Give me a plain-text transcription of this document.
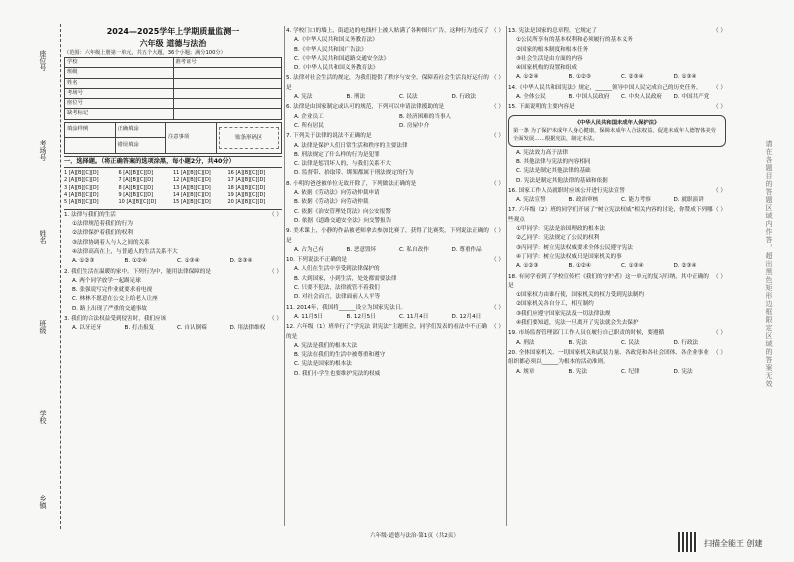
座位号
考场号
姓名
班级
学校
乡镇
2024—2025学年上学期质量监测一
六年级 道德与法治
（范围：六年级上册第一单元，共五个大题，36个小题；满分100分）
学校	准考证号
班级	
姓名	
考场号	
座位号	
缺考标记	
填涂样例	正确填涂	注意事项	贴条形码区

	错误填涂		
一、选择题。（将正确答案的选项涂黑，每小题2分，共40分）
1 [A][B][C][D]	6 [A][B][C][D]	11 [A][B][C][D]	16 [A][B][C][D]
2 [A][B][C][D]	7 [A][B][C][D]	12 [A][B][C][D]	17 [A][B][C][D]
3 [A][B][C][D]	8 [A][B][C][D]	13 [A][B][C][D]	18 [A][B][C][D]
4 [A][B][C][D]	9 [A][B][C][D]	14 [A][B][C][D]	19 [A][B][C][D]
5 [A][B][C][D]	10 [A][B][C][D]	15 [A][B][C][D]	20 [A][B][C][D]
（ ）
1. 法律与我们的生活
①法律规范着我们的行为
②法律保护着我们的权利
③法律协调着人与人之间的关系
④法律高高在上，与普通人的生活关系不大
A. ①②③	B. ①②④	C. ①③④	D. ②③④
（ ）
2. 我们生活在温暖的家中。下列行为中，能用法律保障的是
A. 两个同学放学一起踢足球
B. 张强说写完作业就要求看电视
C. 林林不愿意在公交上给老人让座
D. 路上出现了严重的交通事故
（ ）
3. 我们的合法权益受到侵害时，我们应该
A. 以牙还牙	B. 打击报复	C. 自认倒霉	D. 用法律维权
（ ）
4. 学校门口的墙上，街道边的电线杆上被人贴满了各种图片广告，这种行为违反了
A.《中华人民共和国义务教育法》
B.《中华人民共和国广告法》
C.《中华人民共和国道路交通安全法》
D.《中华人民共和国义务教育法》
（ ）
5. 法律对社会生活的规定，为我们提供了秩序与安全，保障着社会生活良好运行的是
A. 宪法	B. 刑法	C. 民法	D. 行政法
（ ）
6. 法律是由国家制定或认可的规范，下列可以申请法律援助的是
A. 企业员工	B. 经济困难的当事人
C. 所有居民	D. 房屋中介
（ ）
7. 下列关于法律的说法不正确的是
A. 法律是保护人们日常生活和秩序的主要法律
B. 刑法规定了什么样的行为是犯罪
C. 法律是惩罚坏人的，与我们关系不大
D. 监督带、拾取带、绑架都属于刑法规定的行为
（ ）
8. 小明的爸爸被单位无故开除了，下列做法正确的是
A. 依据《劳动法》向劳动仲裁申请
B. 依据《劳动法》向劳动仲裁
C. 依据《治安管理处罚法》向公安报警
D. 依据《道路交通安全法》向交警报告
（ ）
9. 美术课上，小静的作品被老师拿去参加比赛了，获得了比赛奖，下列说法正确的是
A. 占为己有	B. 恶意毁坏	C. 私自改作	D. 尊重作品
（ ）
10. 下列说法不正确的是
A. 人们在生活中享受到法律保护的
B. 大到国家，小到生活，处处都需要法律
C. 只要不犯法，法律就管不着我们
D. 对社会而言，法律面前人人平等
（ ）
11. 2014年，我国将______设立为国家宪法日。
A. 11月5日	B. 12月5日	C. 11月4日	D. 12月4日
（ ）
12. 六年级（1）班举行了“学宪法 讲宪法”主题班会，同学们发表的看法中不正确的是
A. 宪法是我们的根本大法
B. 宪法在我们的生活中被尊重和遵守
C. 宪法是国家的根本法
D. 我们小学生也要维护宪法的权威
（ ）
13. 宪法是国家的总章程，它规定了
①公民所享有的基本权利和必须履行的基本义务
②国家的根本制度和根本任务
③社会生活是由方面的内容
④国家机构的设置和组成
A. ①②④	B. ①②③	C. ②③④	D. ①③④
（ ）
14.《中华人民共和国宪法》规定，______领导中国人民完成自己的历史任务。
A. 全体公民	B. 中国人民政府	C. 中央人民政府	D. 中国共产党
（ ）
15. 下面说明的主要内容是
《中华人民共和国未成年人保护法》
第一条 为了保护未成年人身心健康，保障未成年人合法权益，促进未成年人德智体美劳全面发展……根据宪法，制定本法。
A. 宪法效力高于法律
B. 其他法律与宪法的内容相同
C. 宪法是制定其他法律的基础
D. 宪法是制定其他法律的基础和依据
（ ）
16. 国家工作人员就职时应该公开进行宪法宣誓
A. 宪法宣誓	B. 政治审核	C. 能力考察	D. 就职演讲
（ ）
17. 六年级（2）班的同学们开展了“树立宪法权威”相关内容的讨论，你赞成下列哪些观点
①甲同学：宪法是治国理政的根本法
②乙同学：宪法规定了公民的权利
③丙同学：树立宪法权威要求全体公民遵守宪法
④丁同学：树立宪法权威只是国家机关的事
A. ①②③	B. ①②④	C. ①③④	D. ②③④
（ ）
18. 有同学看到了学校宣传栏《我们的守护者》这一单元的复习归纳，其中正确的是
①国家权力由谁行使，国家机关的权力受到宪法制约
②国家机关各自分工，相互制约
③我们应遵守国家宪法及一切法律法规
④我们要知道，宪法一旦离开了宪法就会失去保护
（ ）
19. 市场监督管理部门工作人员在履行自己职责的时候，要遵循
A. 刑法	B. 宪法	C. 民法	D. 行政法
（ ）
20. 全体国家机关、一切国家机关和武装力量、各政党和各社会团体、各企业事业组织都必须以______为根本的活动准则。
A. 规章	B. 宪法	C. 纪律	D. 宪法	请在各题目的答题区域内作答，超出黑色矩形边框限定区域的答案无效
六年级·道德与法治·第1页（共2页）
扫描全能王 创建
